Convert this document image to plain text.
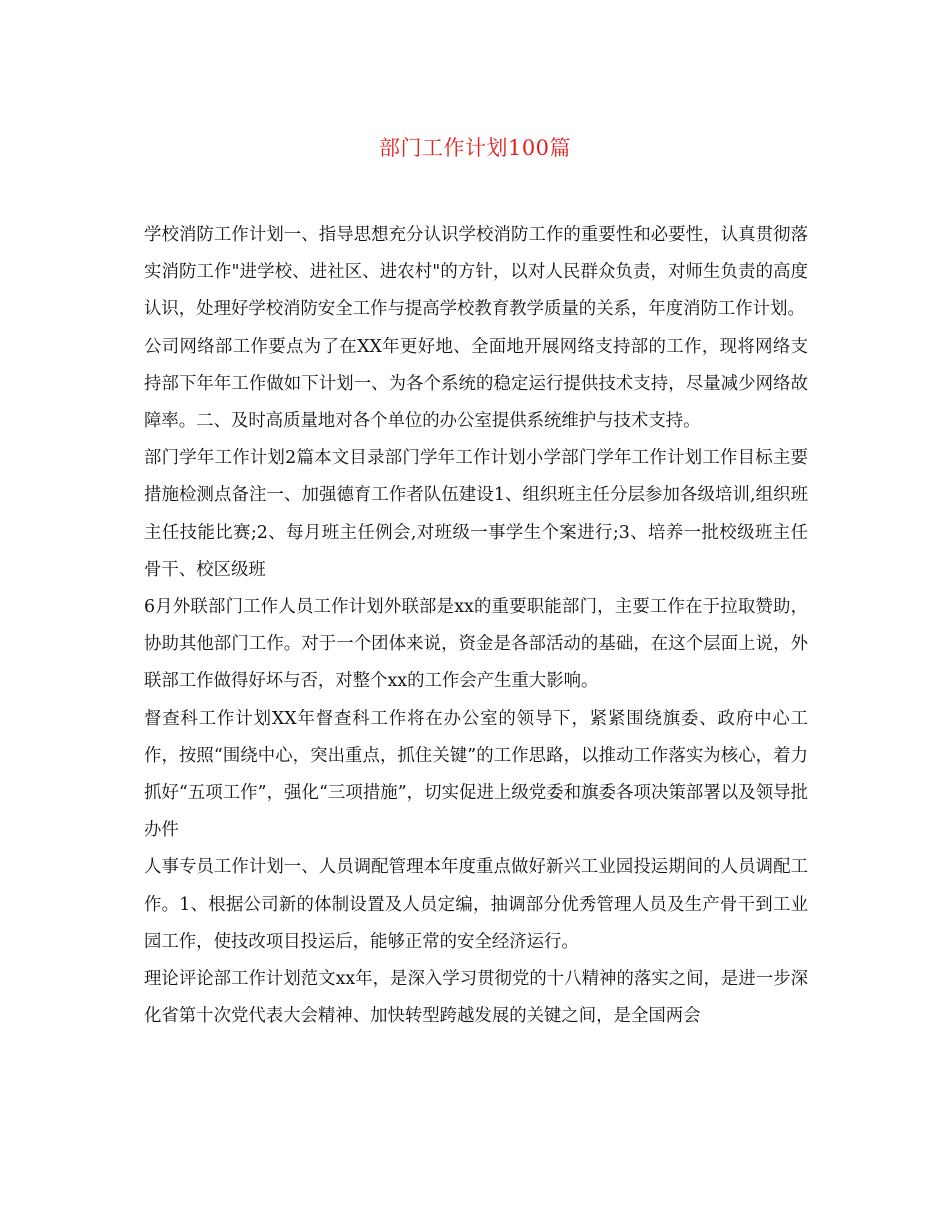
部门工作计划100篇

学校消防工作计划一、指导思想充分认识学校消防工作的重要性和必要性，认真贯彻落实消防工作"进学校、进社区、进农村"的方针，以对人民群众负责，对师生负责的高度认识，处理好学校消防安全工作与提高学校教育教学质量的关系，年度消防工作计划。

公司网络部工作要点为了在XX年更好地、全面地开展网络支持部的工作，现将网络支持部下年年工作做如下计划一、为各个系统的稳定运行提供技术支持，尽量减少网络故障率。二、及时高质量地对各个单位的办公室提供系统维护与技术支持。

部门学年工作计划2篇本文目录部门学年工作计划小学部门学年工作计划工作目标主要措施检测点备注一、加强德育工作者队伍建设1、组织班主任分层参加各级培训,组织班主任技能比赛;2、每月班主任例会,对班级一事学生个案进行;3、培养一批校级班主任骨干、校区级班

6月外联部门工作人员工作计划外联部是xx的重要职能部门，主要工作在于拉取赞助，协助其他部门工作。对于一个团体来说，资金是各部活动的基础，在这个层面上说，外联部工作做得好坏与否，对整个xx的工作会产生重大影响。

督查科工作计划XX年督查科工作将在办公室的领导下，紧紧围绕旗委、政府中心工作，按照“围绕中心，突出重点，抓住关键”的工作思路，以推动工作落实为核心，着力抓好“五项工作”，强化“三项措施”，切实促进上级党委和旗委各项决策部署以及领导批办件

人事专员工作计划一、人员调配管理本年度重点做好新兴工业园投运期间的人员调配工作。1、根据公司新的体制设置及人员定编，抽调部分优秀管理人员及生产骨干到工业园工作，使技改项目投运后，能够正常的安全经济运行。

理论评论部工作计划范文xx年，是深入学习贯彻党的十八精神的落实之间，是进一步深化省第十次党代表大会精神、加快转型跨越发展的关键之间，是全国两会
